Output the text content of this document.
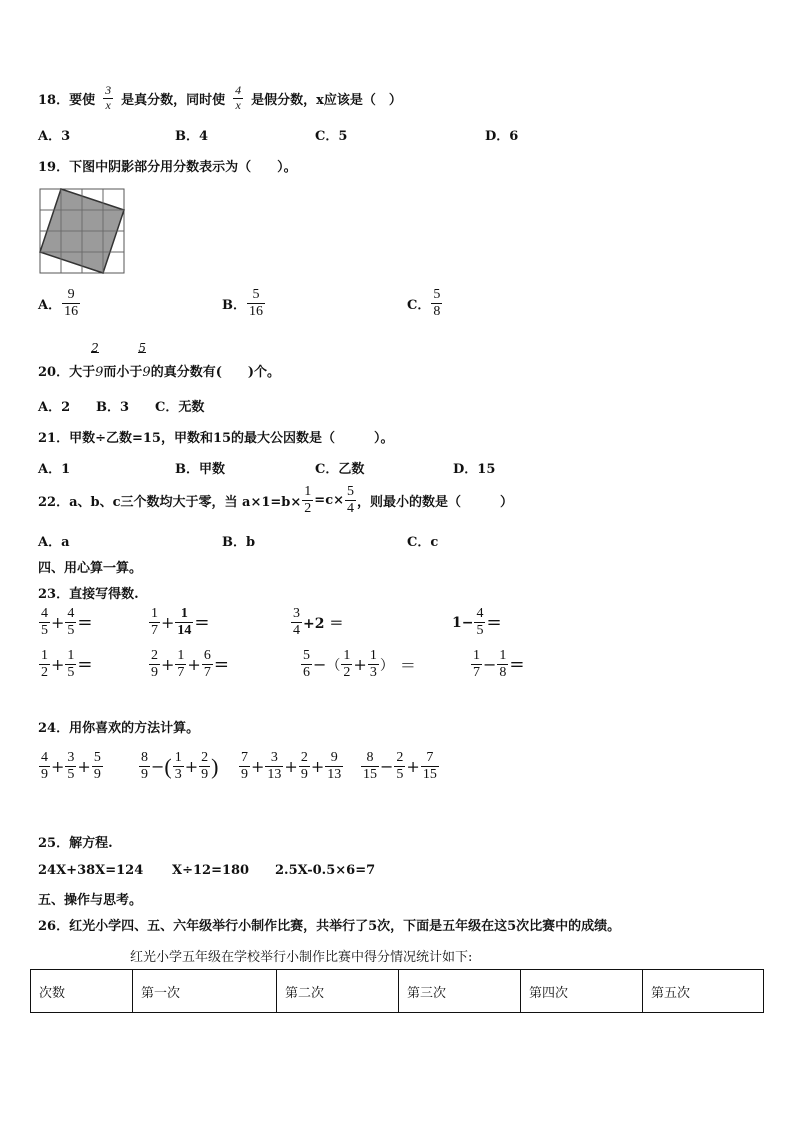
18． 要使 $\frac{3}{x}$ 是真分数，同时使 $\frac{4}{x}$ 是假分数，x应该是（　）
A．3	B．4	C．5	D．6
19．下图中阴影部分用分数表示为（　　）。
A． $\frac{9}{16}$	B． $\frac{5}{16}$	C． $\frac{5}{8}$
20．大于
2
9而小于
5
9的真分数有(　　)个。
A．2 B．3 C．无数
21．甲数÷乙数=15，甲数和15的最大公因数是（　　　）。
A．1	B．甲数	C．乙数	D．15
22． a、b、c三个数均大于零，当 $a\times 1=b\times \frac{1}{2} =c\times \frac{5}{4}$ ，则最小的数是（　　　）
A．a	B．b	C．c
四、用心算一算。
23．直接写得数.
$\frac{4}{5} + \frac{4}{5}$ =	$\frac{1}{7} + \frac{1}{14}$ =	$\frac{3}{4} +2$ ＝	$1- \frac{4}{5}$ =
$\frac{1}{2} + \frac{1}{5}$ =	$\frac{2}{9} + \frac{1}{7} + \frac{6}{7}$ =	$\frac{5}{6}$ − （ $\frac{1}{2} + \frac{1}{3}$ ） ＝	$\frac{1}{7} - \frac{1}{8}$ =
24．用你喜欢的方法计算。
$\frac{4}{9} + \frac{3}{5} + \frac{5}{9}$	$\frac{8}{9}$ − ( $\frac{1}{3} + \frac{2}{9}$ ) $\frac{7}{9} + \frac{3}{13} + \frac{2}{9} + \frac{9}{13} \frac{8}{15} - \frac{2}{5} + \frac{7}{15}$
25．解方程.
24X+38X=124 X÷12=180 2.5X-0.5×6=7
五、操作与思考。
26．红光小学四、五、六年级举行小制作比赛，共举行了5次，下面是五年级在这5次比赛中的成绩。
红光小学五年级在学校举行小制作比赛中得分情况统计如下:
次数	第一次	第二次	第三次	第四次	第五次
